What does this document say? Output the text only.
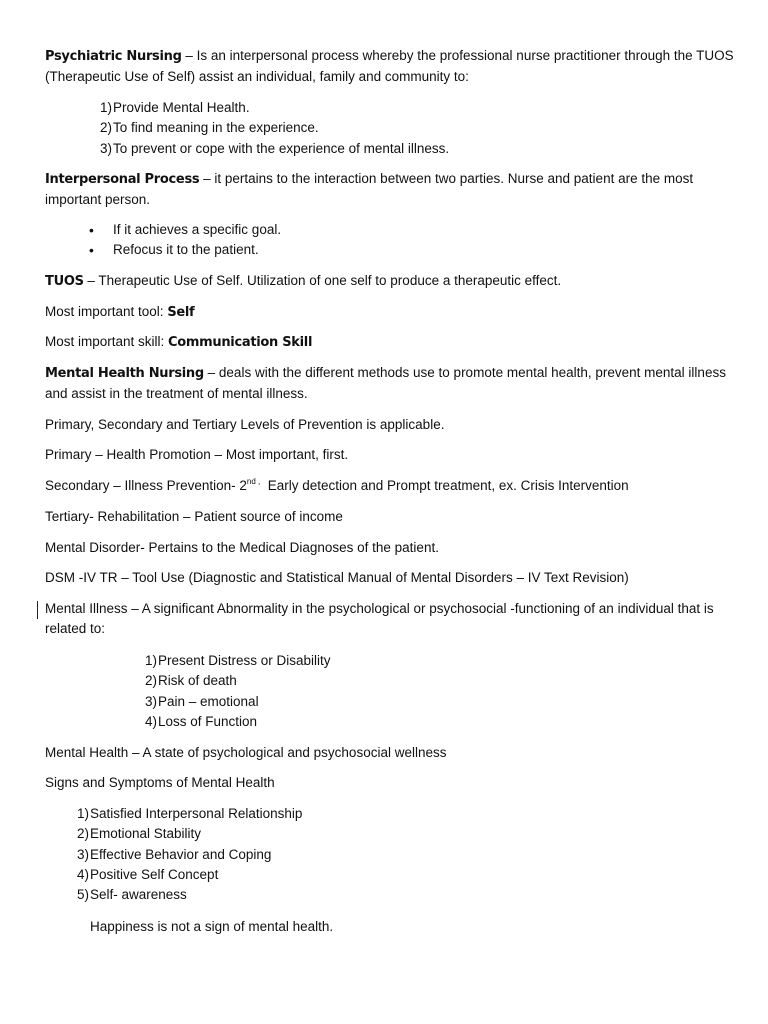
Psychiatric Nursing – Is an interpersonal process whereby the professional nurse practitioner through the TUOS (Therapeutic Use of Self) assist an individual, family and community to:

1) Provide Mental Health.
2) To find meaning in the experience.
3) To prevent or cope with the experience of mental illness.

Interpersonal Process – it pertains to the interaction between two parties. Nurse and patient are the most important person.

• If it achieves a specific goal.
• Refocus it to the patient.

TUOS – Therapeutic Use of Self. Utilization of one self to produce a therapeutic effect.

Most important tool: Self

Most important skill: Communication Skill

Mental Health Nursing – deals with the different methods use to promote mental health, prevent mental illness and assist in the treatment of mental illness.

Primary, Secondary and Tertiary Levels of Prevention is applicable.

Primary – Health Promotion – Most important, first.

Secondary – Illness Prevention- $2^{nd ,}$  Early detection and Prompt treatment, ex. Crisis Intervention

Tertiary- Rehabilitation – Patient source of income

Mental Disorder- Pertains to the Medical Diagnoses of the patient.

DSM -IV TR – Tool Use (Diagnostic and Statistical Manual of Mental Disorders – IV Text Revision)

Mental Illness – A significant Abnormality in the psychological or psychosocial -functioning of an individual that is related to:

1) Present Distress or Disability
2) Risk of death
3) Pain – emotional
4) Loss of Function

Mental Health – A state of psychological and psychosocial wellness

Signs and Symptoms of Mental Health

1) Satisfied Interpersonal Relationship
2) Emotional Stability
3) Effective Behavior and Coping
4) Positive Self Concept
5) Self- awareness

Happiness is not a sign of mental health.
